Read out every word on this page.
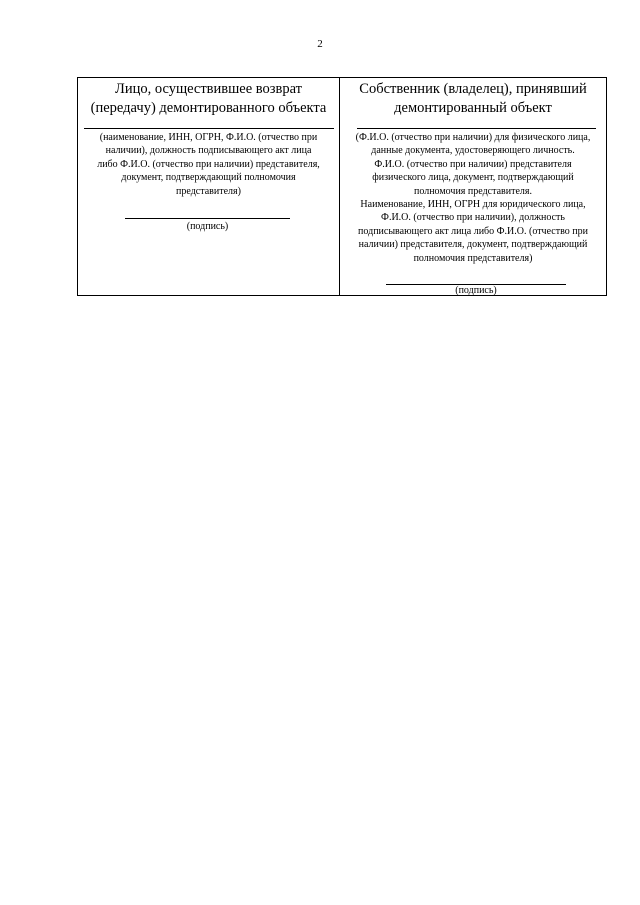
2
Лицо, осуществившее возврат
(передачу) демонтированного объекта
(наименование, ИНН, ОГРН, Ф.И.О. (отчество при
наличии), должность подписывающего акт лица
либо Ф.И.О. (отчество при наличии) представителя,
документ, подтверждающий полномочия
представителя)
(подпись)
Собственник (владелец), принявший
демонтированный объект
(Ф.И.О. (отчество при наличии) для физического лица,
данные документа, удостоверяющего личность.
Ф.И.О. (отчество при наличии) представителя
физического лица, документ, подтверждающий
полномочия представителя.
Наименование, ИНН, ОГРН для юридического лица,
Ф.И.О. (отчество при наличии), должность
подписывающего акт лица либо Ф.И.О. (отчество при
наличии) представителя, документ, подтверждающий
полномочия представителя)
(подпись)
